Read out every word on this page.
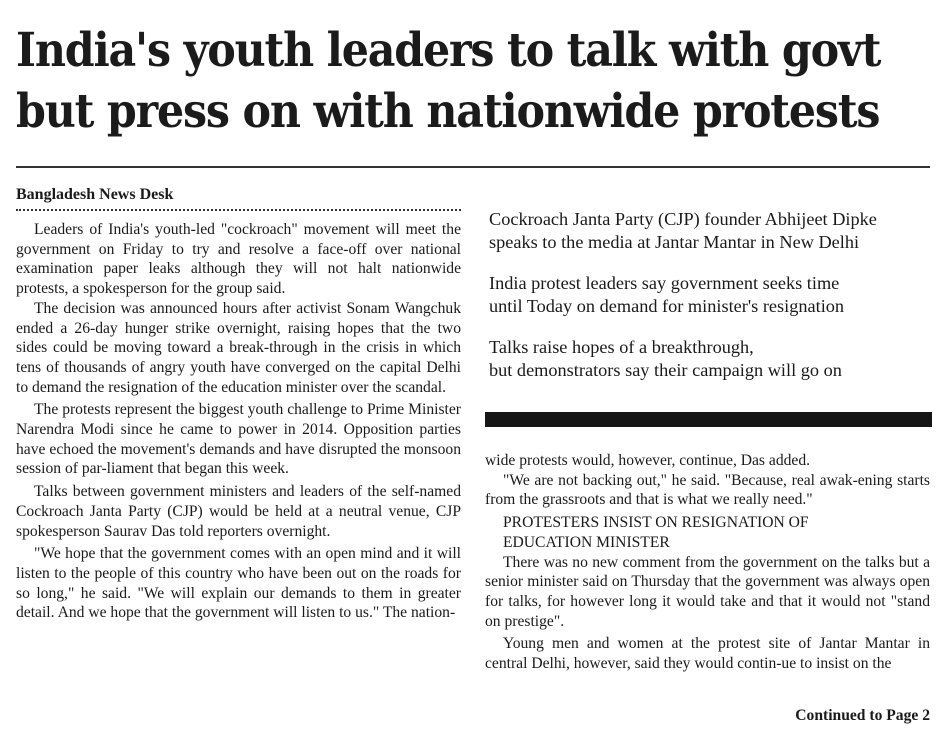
India's youth leaders to talk with govt
but press on with nationwide protests
Bangladesh News Desk

Leaders of India's youth-led "cockroach" movement will meet the government on Friday to try and resolve a face-off over national examination paper leaks although they will not halt nationwide protests, a spokesperson for the group said.

The decision was announced hours after activist Sonam Wangchuk ended a 26-day hunger strike overnight, raising hopes that the two sides could be moving toward a break-through in the crisis in which tens of thousands of angry youth have converged on the capital Delhi to demand the resignation of the education minister over the scandal.

The protests represent the biggest youth challenge to Prime Minister Narendra Modi since he came to power in 2014. Opposition parties have echoed the movement's demands and have disrupted the monsoon session of par-liament that began this week.

Talks between government ministers and leaders of the self-named Cockroach Janta Party (CJP) would be held at a neutral venue, CJP spokesperson Saurav Das told reporters overnight.

"We hope that the government comes with an open mind and it will listen to the people of this country who have been out on the roads for so long," he said. "We will explain our demands to them in greater detail. And we hope that the government will listen to us." The nation-

Cockroach Janta Party (CJP) founder Abhijeet Dipke

speaks to the media at Jantar Mantar in New Delhi

India protest leaders say government seeks time

until Today on demand for minister's resignation

Talks raise hopes of a breakthrough,

but demonstrators say their campaign will go on

wide protests would, however, continue, Das added.

"We are not backing out," he said. "Because, real awak-ening starts from the grassroots and that is what we really need."

PROTESTERS INSIST ON RESIGNATION OF

EDUCATION MINISTER

There was no new comment from the government on the talks but a senior minister said on Thursday that the government was always open for talks, for however long it would take and that it would not "stand on prestige".

Young men and women at the protest site of Jantar Mantar in central Delhi, however, said they would contin-ue to insist on the

Continued to Page 2
